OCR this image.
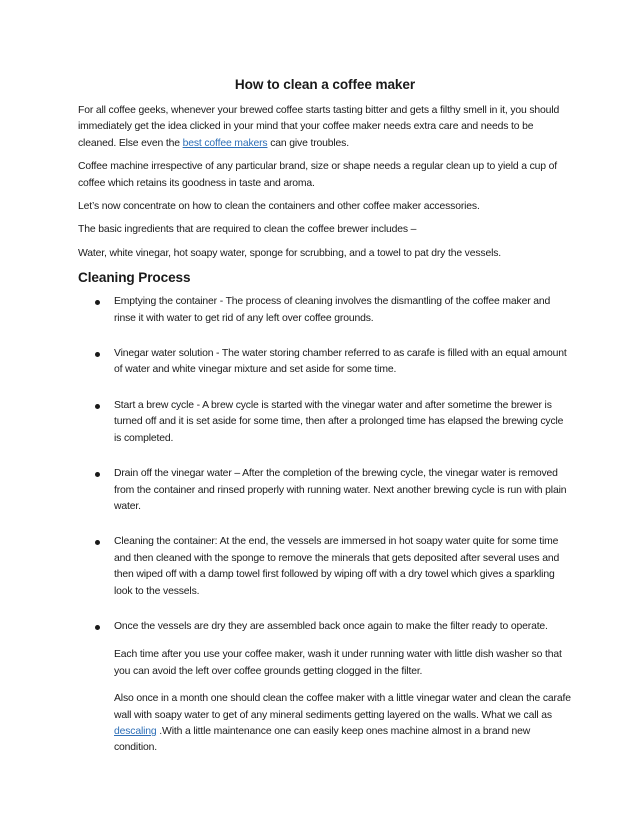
How to clean a coffee maker

For all coffee geeks, whenever your brewed coffee starts tasting bitter and gets a filthy smell in it, you should immediately get the idea clicked in your mind that your coffee maker needs extra care and needs to be cleaned. Else even the best coffee makers can give troubles.

Coffee machine irrespective of any particular brand, size or shape needs a regular clean up to yield a cup of coffee which retains its goodness in taste and aroma.

Let’s now concentrate on how to clean the containers and other coffee maker accessories.

The basic ingredients that are required to clean the coffee brewer includes –

Water, white vinegar, hot soapy water, sponge for scrubbing, and a towel to pat dry the vessels.

Cleaning Process
Emptying the container - The process of cleaning involves the dismantling of the coffee maker and rinse it with water to get rid of any left over coffee grounds.
Vinegar water solution - The water storing chamber referred to as carafe is filled with an equal amount of water and white vinegar mixture and set aside for some time.
Start a brew cycle - A brew cycle is started with the vinegar water and after sometime the brewer is turned off and it is set aside for some time, then after a prolonged time has elapsed the brewing cycle is completed.
Drain off the vinegar water – After the completion of the brewing cycle, the vinegar water is removed from the container and rinsed properly with running water. Next another brewing cycle is run with plain water.
Cleaning the container: At the end, the vessels are immersed in hot soapy water quite for some time and then cleaned with the sponge to remove the minerals that gets deposited after several uses and then wiped off with a damp towel first followed by wiping off with a dry towel which gives a sparkling look to the vessels.
Once the vessels are dry they are assembled back once again to make the filter ready to operate.

Each time after you use your coffee maker, wash it under running water with little dish washer so that you can avoid the left over coffee grounds getting clogged in the filter.

Also once in a month one should clean the coffee maker with a little vinegar water and clean the carafe wall with soapy water to get of any mineral sediments getting layered on the walls. What we call as descaling .With a little maintenance one can easily keep ones machine almost in a brand new condition.
